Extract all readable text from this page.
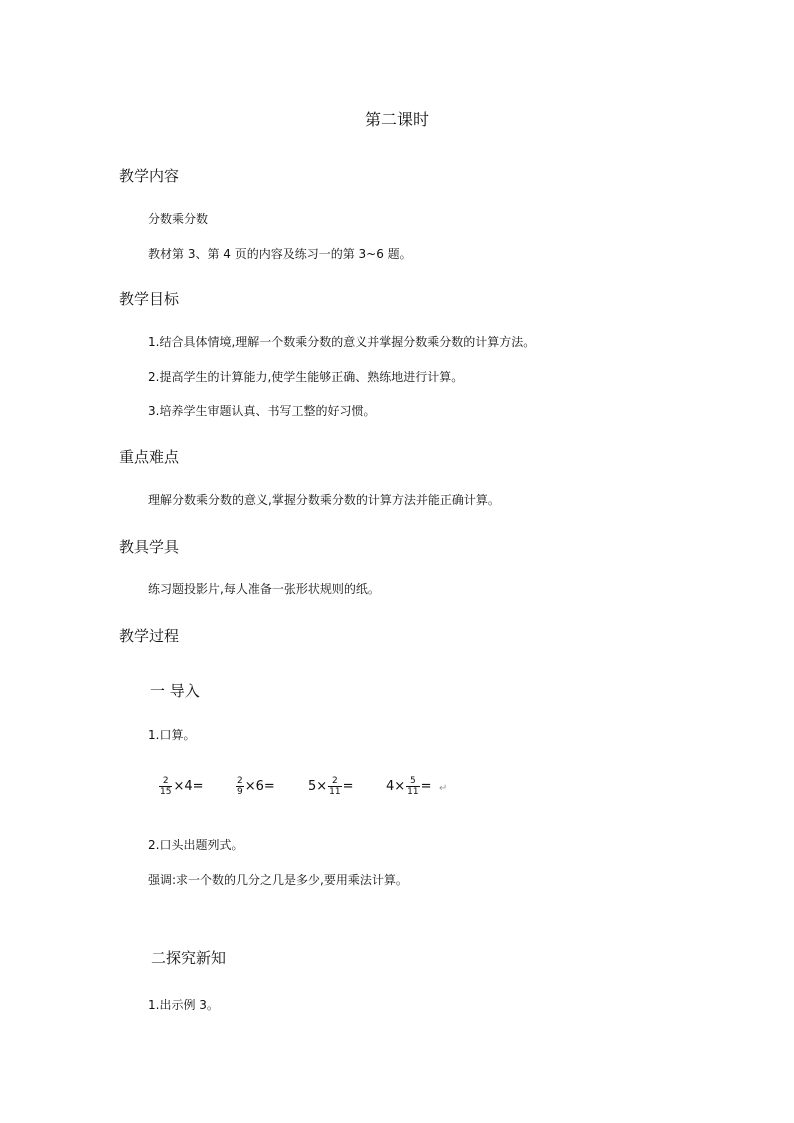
第二课时
教学内容
分数乘分数
教材第 3、第 4 页的内容及练习一的第 3~6 题。
教学目标
1.结合具体情境,理解一个数乘分数的意义并掌握分数乘分数的计算方法。
2.提高学生的计算能力,使学生能够正确、熟练地进行计算。
3.培养学生审题认真、书写工整的好习惯。
重点难点
理解分数乘分数的意义,掌握分数乘分数的计算方法并能正确计算。
教具学具
练习题投影片,每人准备一张形状规则的纸。
教学过程
一 导入
1.口算。
$\frac{2}{15} \times 4=$	$\frac{2}{9} \times 6=$	$5\times \frac{2}{11} = 4\times \frac{5}{11}$ = ↵
2.口头出题列式。
强调:求一个数的几分之几是多少,要用乘法计算。
二探究新知
1.出示例 3。
